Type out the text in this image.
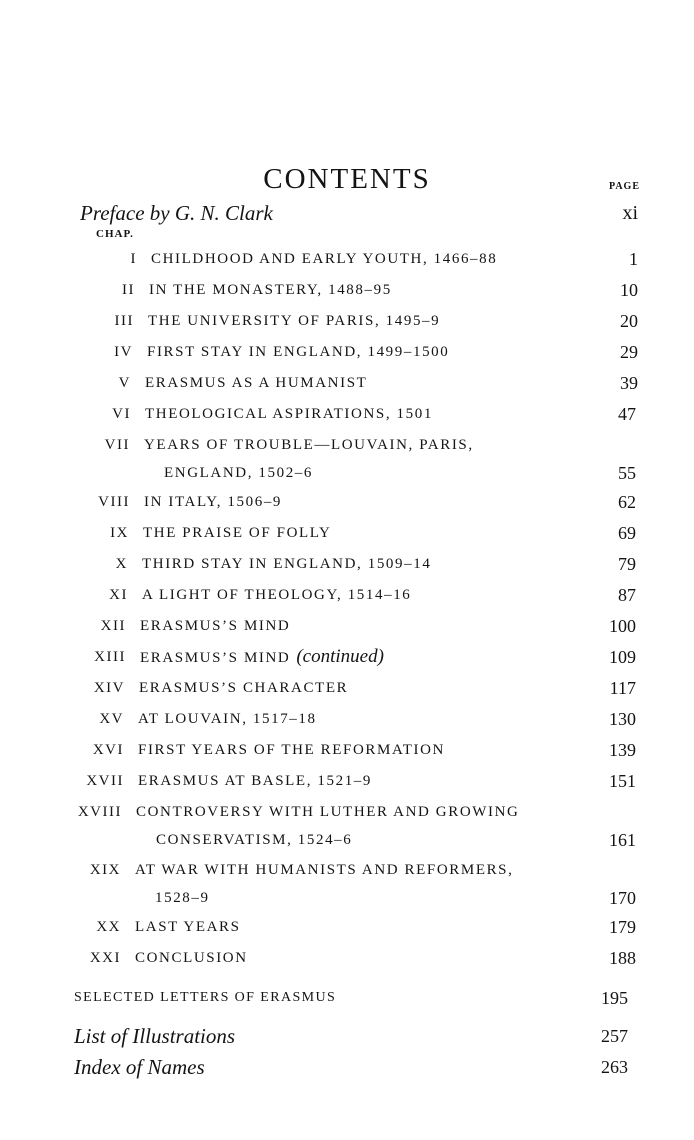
CONTENTS	PAGE
Preface by G. N. Clark	xi
CHAP.
I CHILDHOOD AND EARLY YOUTH, 1466–88	1
II IN THE MONASTERY, 1488–95	10
III THE UNIVERSITY OF PARIS, 1495–9	20
IV FIRST STAY IN ENGLAND, 1499–1500	29
V ERASMUS AS A HUMANIST	39
VI THEOLOGICAL ASPIRATIONS, 1501	47
VII YEARS OF TROUBLE—LOUVAIN, PARIS,
ENGLAND, 1502–6	55
VIII IN ITALY, 1506–9	62
IX THE PRAISE OF FOLLY	69
X THIRD STAY IN ENGLAND, 1509–14	79
XI A LIGHT OF THEOLOGY, 1514–16	87
XII ERASMUS’S MIND	100
XIII ERASMUS’S MIND (continued)	109
XIV ERASMUS’S CHARACTER	117
XV AT LOUVAIN, 1517–18	130
XVI FIRST YEARS OF THE REFORMATION	139
XVII ERASMUS AT BASLE, 1521–9	151
XVIII CONTROVERSY WITH LUTHER AND GROWING
CONSERVATISM, 1524–6	161
XIX AT WAR WITH HUMANISTS AND REFORMERS,
1528–9	170
XX LAST YEARS	179
XXI CONCLUSION	188
SELECTED LETTERS OF ERASMUS	195
List of Illustrations	257
Index of Names	263
